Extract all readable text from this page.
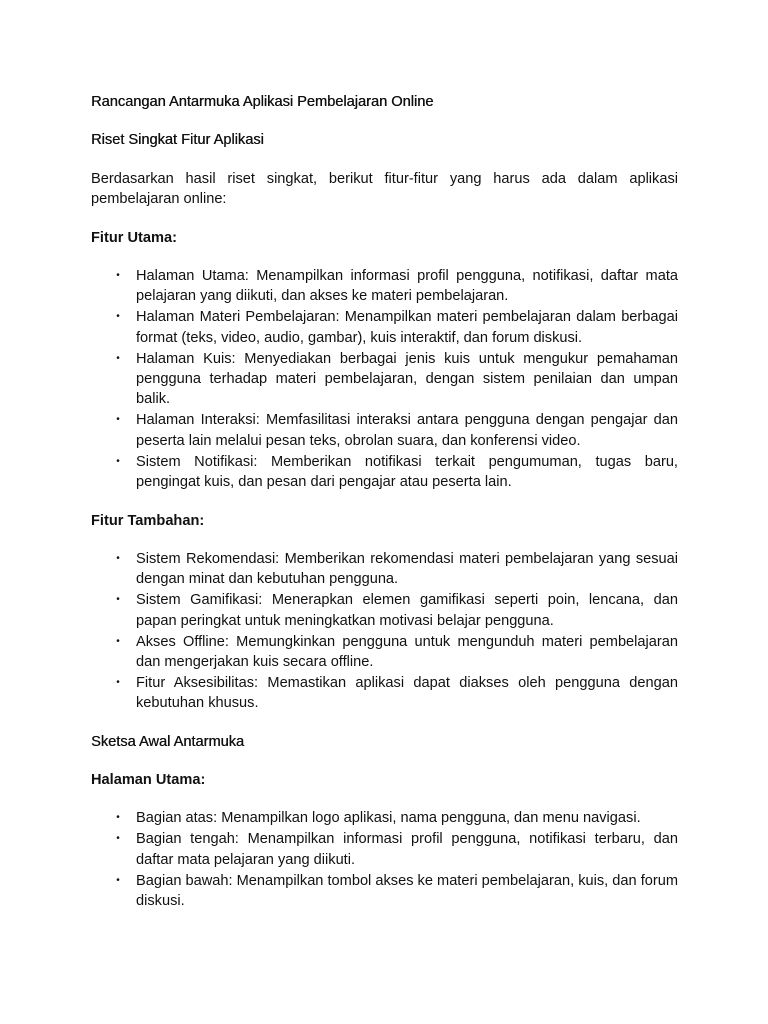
Rancangan Antarmuka Aplikasi Pembelajaran Online
Riset Singkat Fitur Aplikasi

Berdasarkan hasil riset singkat, berikut fitur-fitur yang harus ada dalam aplikasi pembelajaran online:

Fitur Utama:
• Halaman Utama: Menampilkan informasi profil pengguna, notifikasi, daftar mata pelajaran yang diikuti, dan akses ke materi pembelajaran.
• Halaman Materi Pembelajaran: Menampilkan materi pembelajaran dalam berbagai format (teks, video, audio, gambar), kuis interaktif, dan forum diskusi.
• Halaman Kuis: Menyediakan berbagai jenis kuis untuk mengukur pemahaman pengguna terhadap materi pembelajaran, dengan sistem penilaian dan umpan balik.
• Halaman Interaksi: Memfasilitasi interaksi antara pengguna dengan pengajar dan peserta lain melalui pesan teks, obrolan suara, dan konferensi video.
• Sistem Notifikasi: Memberikan notifikasi terkait pengumuman, tugas baru, pengingat kuis, dan pesan dari pengajar atau peserta lain.
Fitur Tambahan:
• Sistem Rekomendasi: Memberikan rekomendasi materi pembelajaran yang sesuai dengan minat dan kebutuhan pengguna.
• Sistem Gamifikasi: Menerapkan elemen gamifikasi seperti poin, lencana, dan papan peringkat untuk meningkatkan motivasi belajar pengguna.
• Akses Offline: Memungkinkan pengguna untuk mengunduh materi pembelajaran dan mengerjakan kuis secara offline.
• Fitur Aksesibilitas: Memastikan aplikasi dapat diakses oleh pengguna dengan kebutuhan khusus.
Sketsa Awal Antarmuka
Halaman Utama:
• Bagian atas: Menampilkan logo aplikasi, nama pengguna, dan menu navigasi.
• Bagian tengah: Menampilkan informasi profil pengguna, notifikasi terbaru, dan daftar mata pelajaran yang diikuti.
• Bagian bawah: Menampilkan tombol akses ke materi pembelajaran, kuis, dan forum diskusi.
